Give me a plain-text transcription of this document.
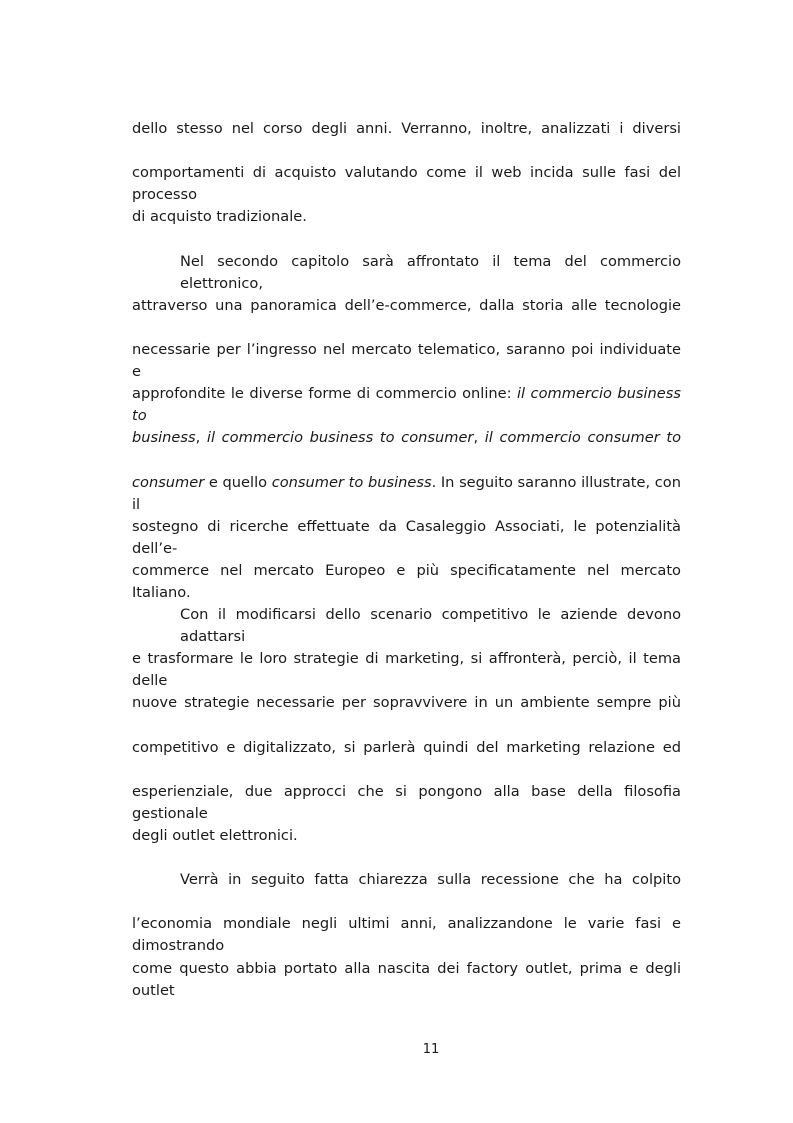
dello stesso nel corso degli anni. Verranno, inoltre, analizzati i diversi
comportamenti di acquisto valutando come il web incida sulle fasi del processo
di acquisto tradizionale.
Nel secondo capitolo sarà affrontato il tema del commercio elettronico,
attraverso una panoramica dell’e-commerce, dalla storia alle tecnologie
necessarie per l’ingresso nel mercato telematico, saranno poi individuate e
approfondite le diverse forme di commercio online: il commercio business to
business, il commercio business to consumer, il commercio consumer to
consumer e quello consumer to business. In seguito saranno illustrate, con il
sostegno di ricerche effettuate da Casaleggio Associati, le potenzialità dell’e-
commerce nel mercato Europeo e più specificatamente nel mercato Italiano.
Con il modificarsi dello scenario competitivo le aziende devono adattarsi
e trasformare le loro strategie di marketing, si affronterà, perciò, il tema delle
nuove strategie necessarie per sopravvivere in un ambiente sempre più
competitivo e digitalizzato, si parlerà quindi del marketing relazione ed
esperienziale, due approcci che si pongono alla base della filosofia gestionale
degli outlet elettronici.
Verrà in seguito fatta chiarezza sulla recessione che ha colpito
l’economia mondiale negli ultimi anni, analizzandone le varie fasi e dimostrando
come questo abbia portato alla nascita dei factory outlet, prima e degli outlet
11
